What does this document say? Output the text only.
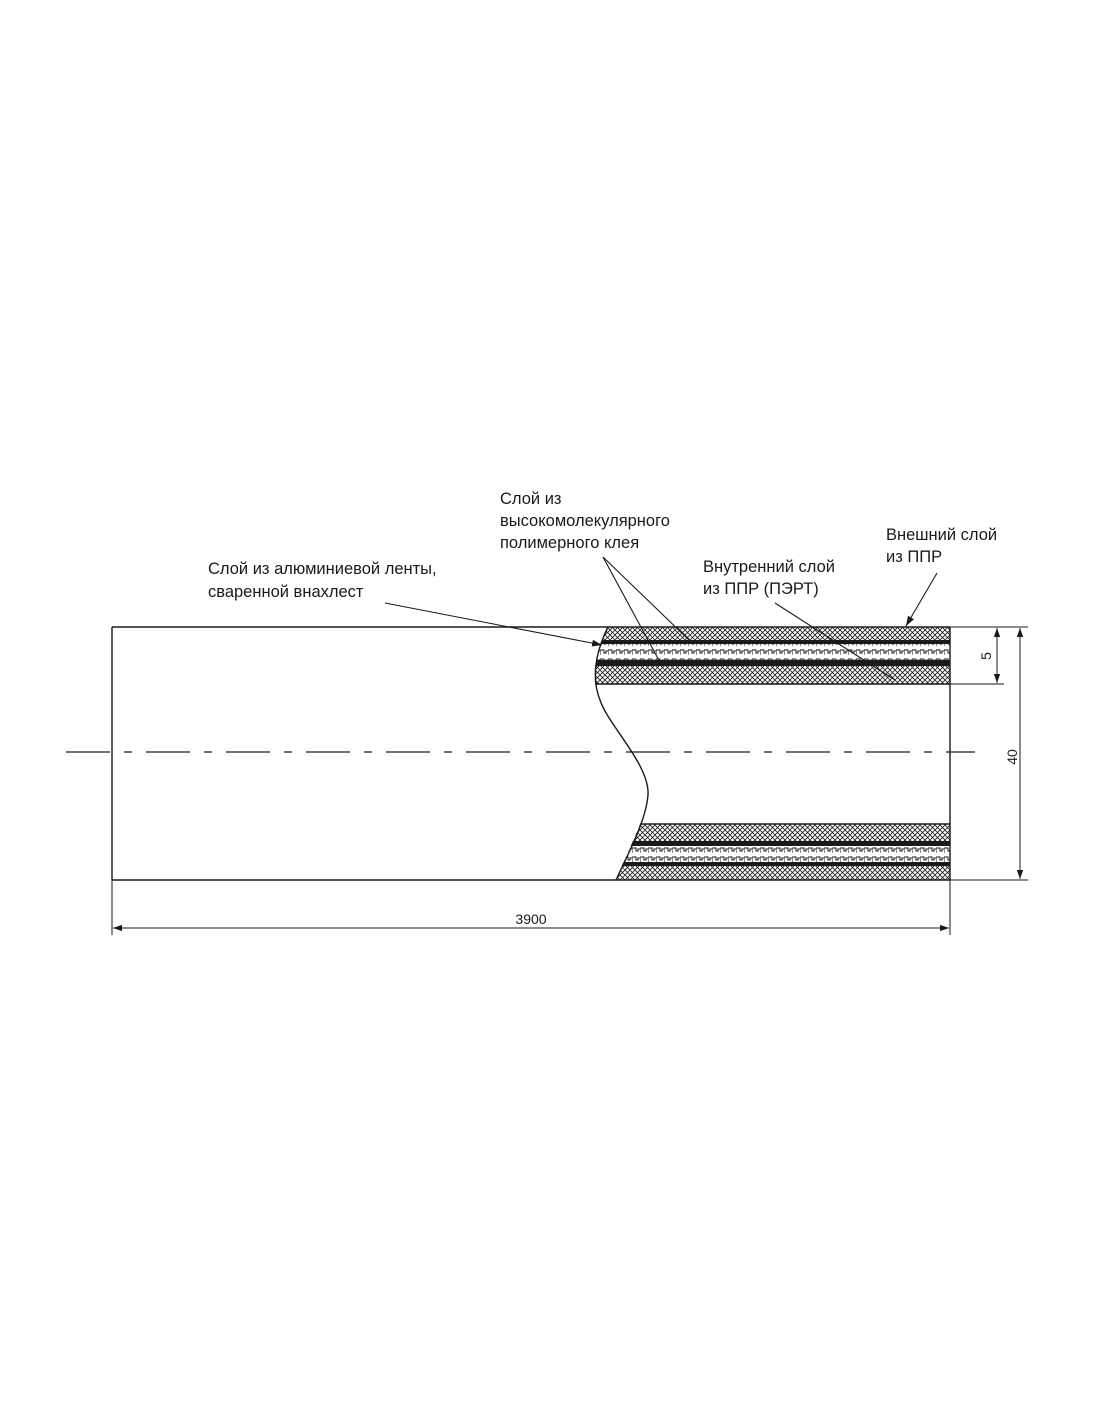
Слой из алюминиевой ленты, сваренной внахлест
Слой из высокомолекулярного полимерного клея
Внутренний слой из ППР (ПЭРТ)
Внешний слой из ППР
3900
40
5
